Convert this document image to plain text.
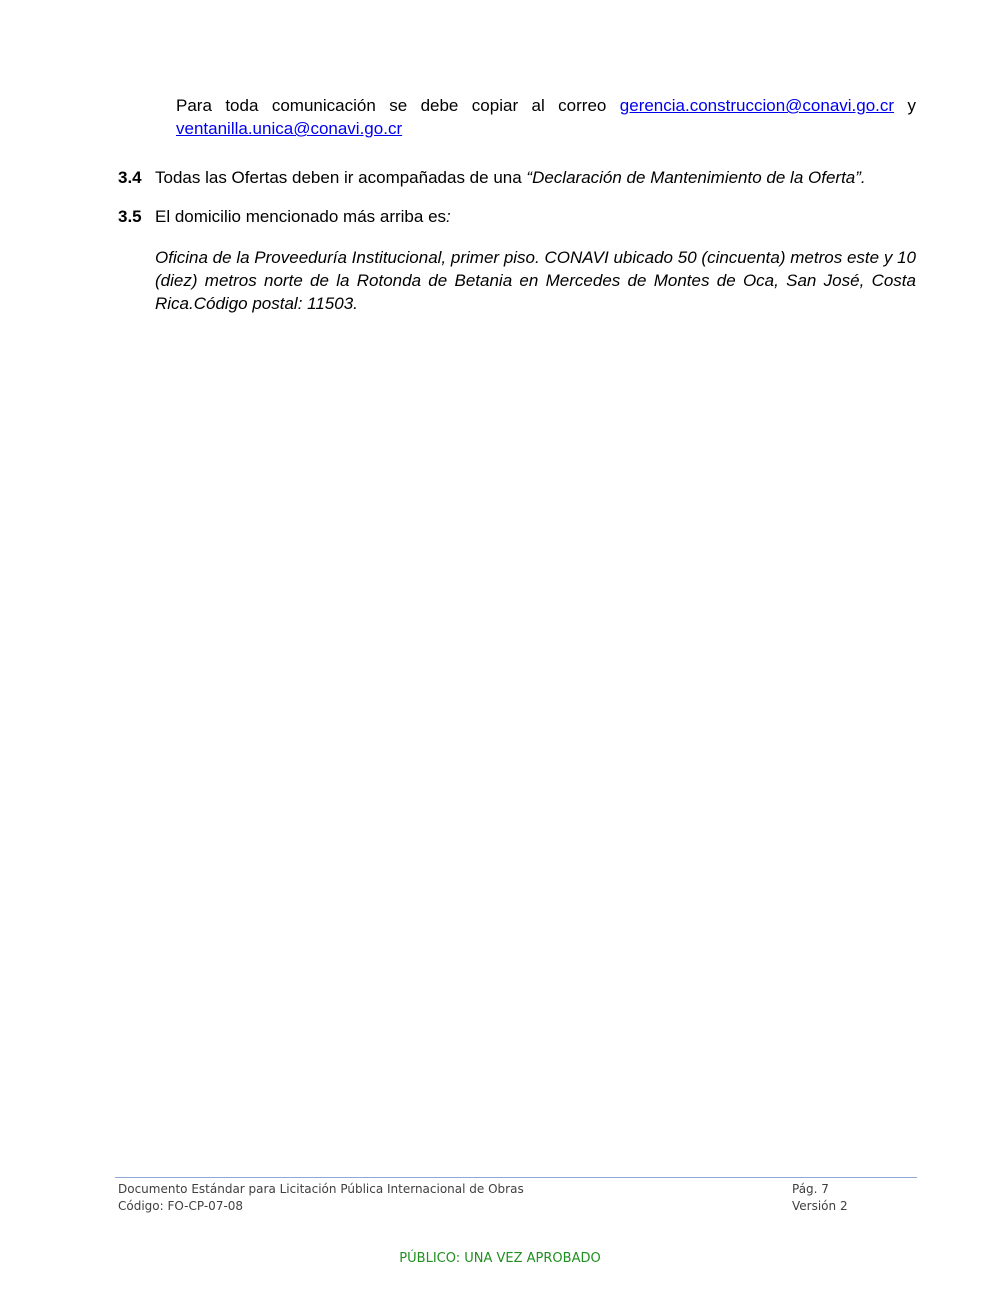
Para toda comunicación se debe copiar al correo gerencia.construccion@conavi.go.cr y ventanilla.unica@conavi.go.cr
3.4 Todas las Ofertas deben ir acompañadas de una “Declaración de Mantenimiento de la Oferta”.
3.5 El domicilio mencionado más arriba es:
Oficina de la Proveeduría Institucional, primer piso. CONAVI ubicado 50 (cincuenta) metros este y 10 (diez) metros norte de la Rotonda de Betania en Mercedes de Montes de Oca, San José, Costa Rica.Código postal: 11503.
Documento Estándar para Licitación Pública Internacional de Obras
Código: FO-CP-07-08
Pág. 7
Versión 2
PÚBLICO: UNA VEZ APROBADO
